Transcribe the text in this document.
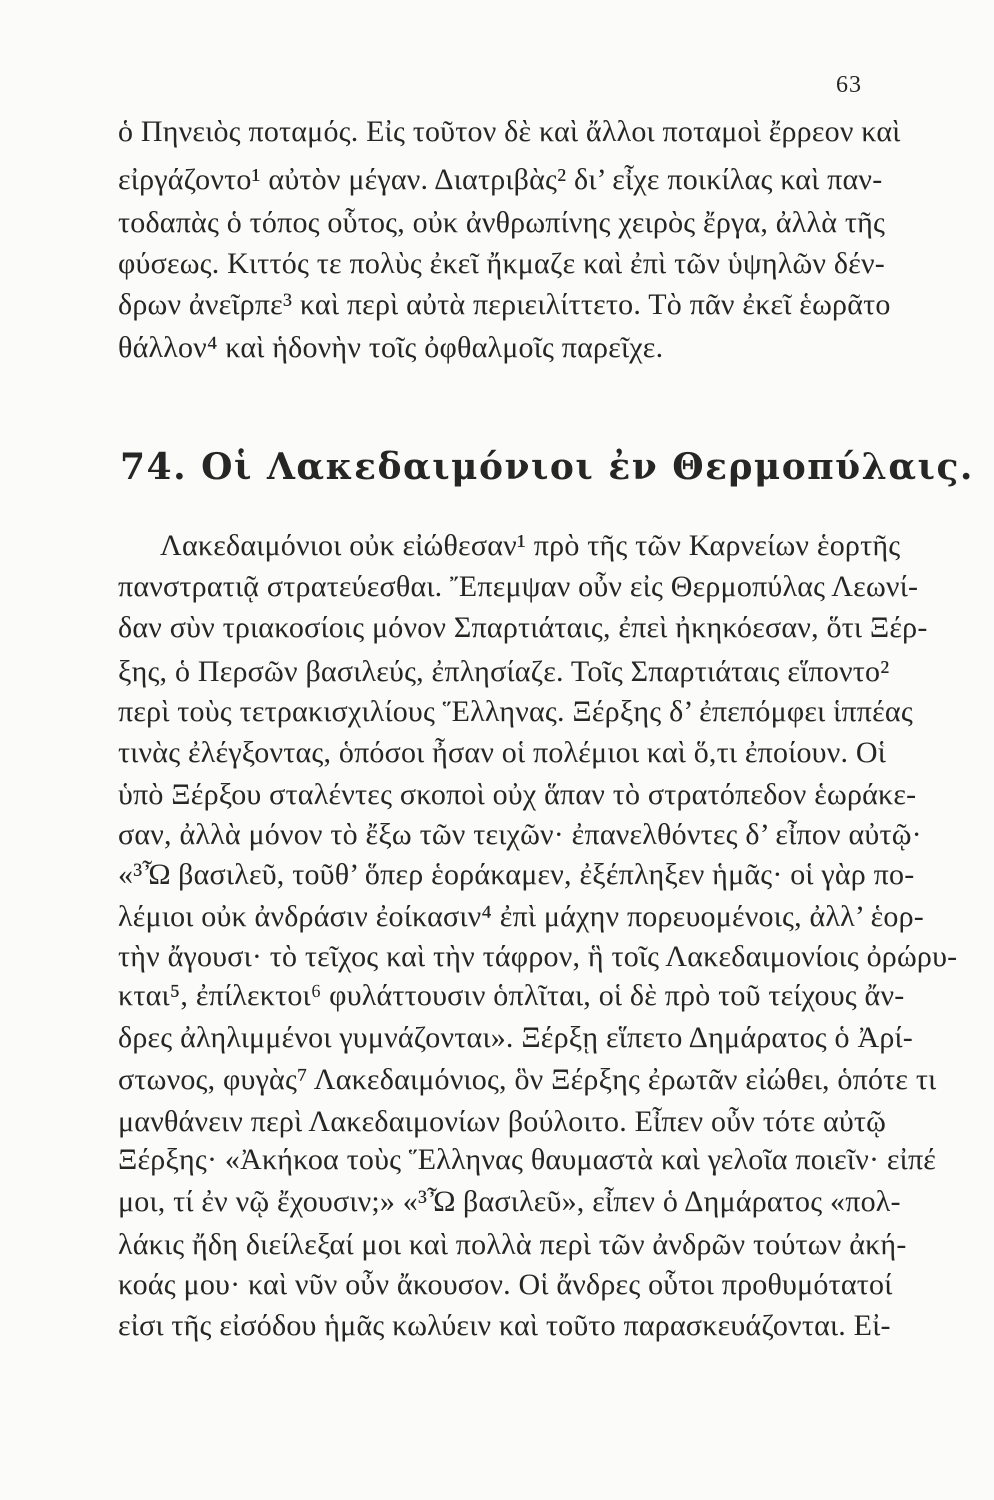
63
ὁ Πηνειὸς ποταμός. Εἰς τοῦτον δὲ καὶ ἄλλοι ποταμοὶ ἔρρεον καὶ
εἰργάζοντο¹ αὐτὸν μέγαν. Διατριβὰς² δι’ εἶχε ποικίλας καὶ παν-
τοδαπὰς ὁ τόπος οὗτος, οὐκ ἀνθρωπίνης χειρὸς ἔργα, ἀλλὰ τῆς
φύσεως. Κιττός τε πολὺς ἐκεῖ ἤκμαζε καὶ ἐπὶ τῶν ὑψηλῶν δέν-
δρων ἀνεῖρπε³ καὶ περὶ αὐτὰ περιειλίττετο. Τὸ πᾶν ἐκεῖ ἑωρᾶτο
θάλλον⁴ καὶ ἡδονὴν τοῖς ὀφθαλμοῖς παρεῖχε.
74. Οἱ Λακεδαιμόνιοι ἐν Θερμοπύλαις.
Λακεδαιμόνιοι οὐκ εἰώθεσαν¹ πρὸ τῆς τῶν Καρνείων ἑορτῆς
πανστρατιᾷ στρατεύεσθαι. Ἔπεμψαν οὖν εἰς Θερμοπύλας Λεωνί-
δαν σὺν τριακοσίοις μόνον Σπαρτιάταις, ἐπεὶ ἠκηκόεσαν, ὅτι Ξέρ-
ξης, ὁ Περσῶν βασιλεύς, ἐπλησίαζε. Τοῖς Σπαρτιάταις εἵποντο²
περὶ τοὺς τετρακισχιλίους Ἕλληνας. Ξέρξης δ’ ἐπεπόμφει ἱππέας
τινὰς ἐλέγξοντας, ὁπόσοι ἦσαν οἱ πολέμιοι καὶ ὅ,τι ἐποίουν. Οἱ
ὑπὸ Ξέρξου σταλέντες σκοποὶ οὐχ ἅπαν τὸ στρατόπεδον ἑωράκε-
σαν, ἀλλὰ μόνον τὸ ἔξω τῶν τειχῶν· ἐπανελθόντες δ’ εἶπον αὐτῷ·
«³Ὦ βασιλεῦ, τοῦθ’ ὅπερ ἑοράκαμεν, ἐξέπληξεν ἡμᾶς· οἱ γὰρ πο-
λέμιοι οὐκ ἀνδράσιν ἐοίκασιν⁴ ἐπὶ μάχην πορευομένοις, ἀλλ’ ἑορ-
τὴν ἄγουσι· τὸ τεῖχος καὶ τὴν τάφρον, ἣ τοῖς Λακεδαιμονίοις ὀρώρυ-
κται⁵, ἐπίλεκτοι⁶ φυλάττουσιν ὁπλῖται, οἱ δὲ πρὸ τοῦ τείχους ἄν-
δρες ἀληλιμμένοι γυμνάζονται». Ξέρξῃ εἵπετο Δημάρατος ὁ Ἀρί-
στωνος, φυγὰς⁷ Λακεδαιμόνιος, ὃν Ξέρξης ἐρωτᾶν εἰώθει, ὁπότε τι
μανθάνειν περὶ Λακεδαιμονίων βούλοιτο. Εἶπεν οὖν τότε αὐτῷ
Ξέρξης· «Ἀκήκοα τοὺς Ἕλληνας θαυμαστὰ καὶ γελοῖα ποιεῖν· εἰπέ
μοι, τί ἐν νῷ ἔχουσιν;» «³Ὦ βασιλεῦ», εἶπεν ὁ Δημάρατος «πολ-
λάκις ἤδη διείλεξαί μοι καὶ πολλὰ περὶ τῶν ἀνδρῶν τούτων ἀκή-
κοάς μου· καὶ νῦν οὖν ἄκουσον. Οἱ ἄνδρες οὗτοι προθυμότατοί
εἰσι τῆς εἰσόδου ἡμᾶς κωλύειν καὶ τοῦτο παρασκευάζονται. Εἰ-
